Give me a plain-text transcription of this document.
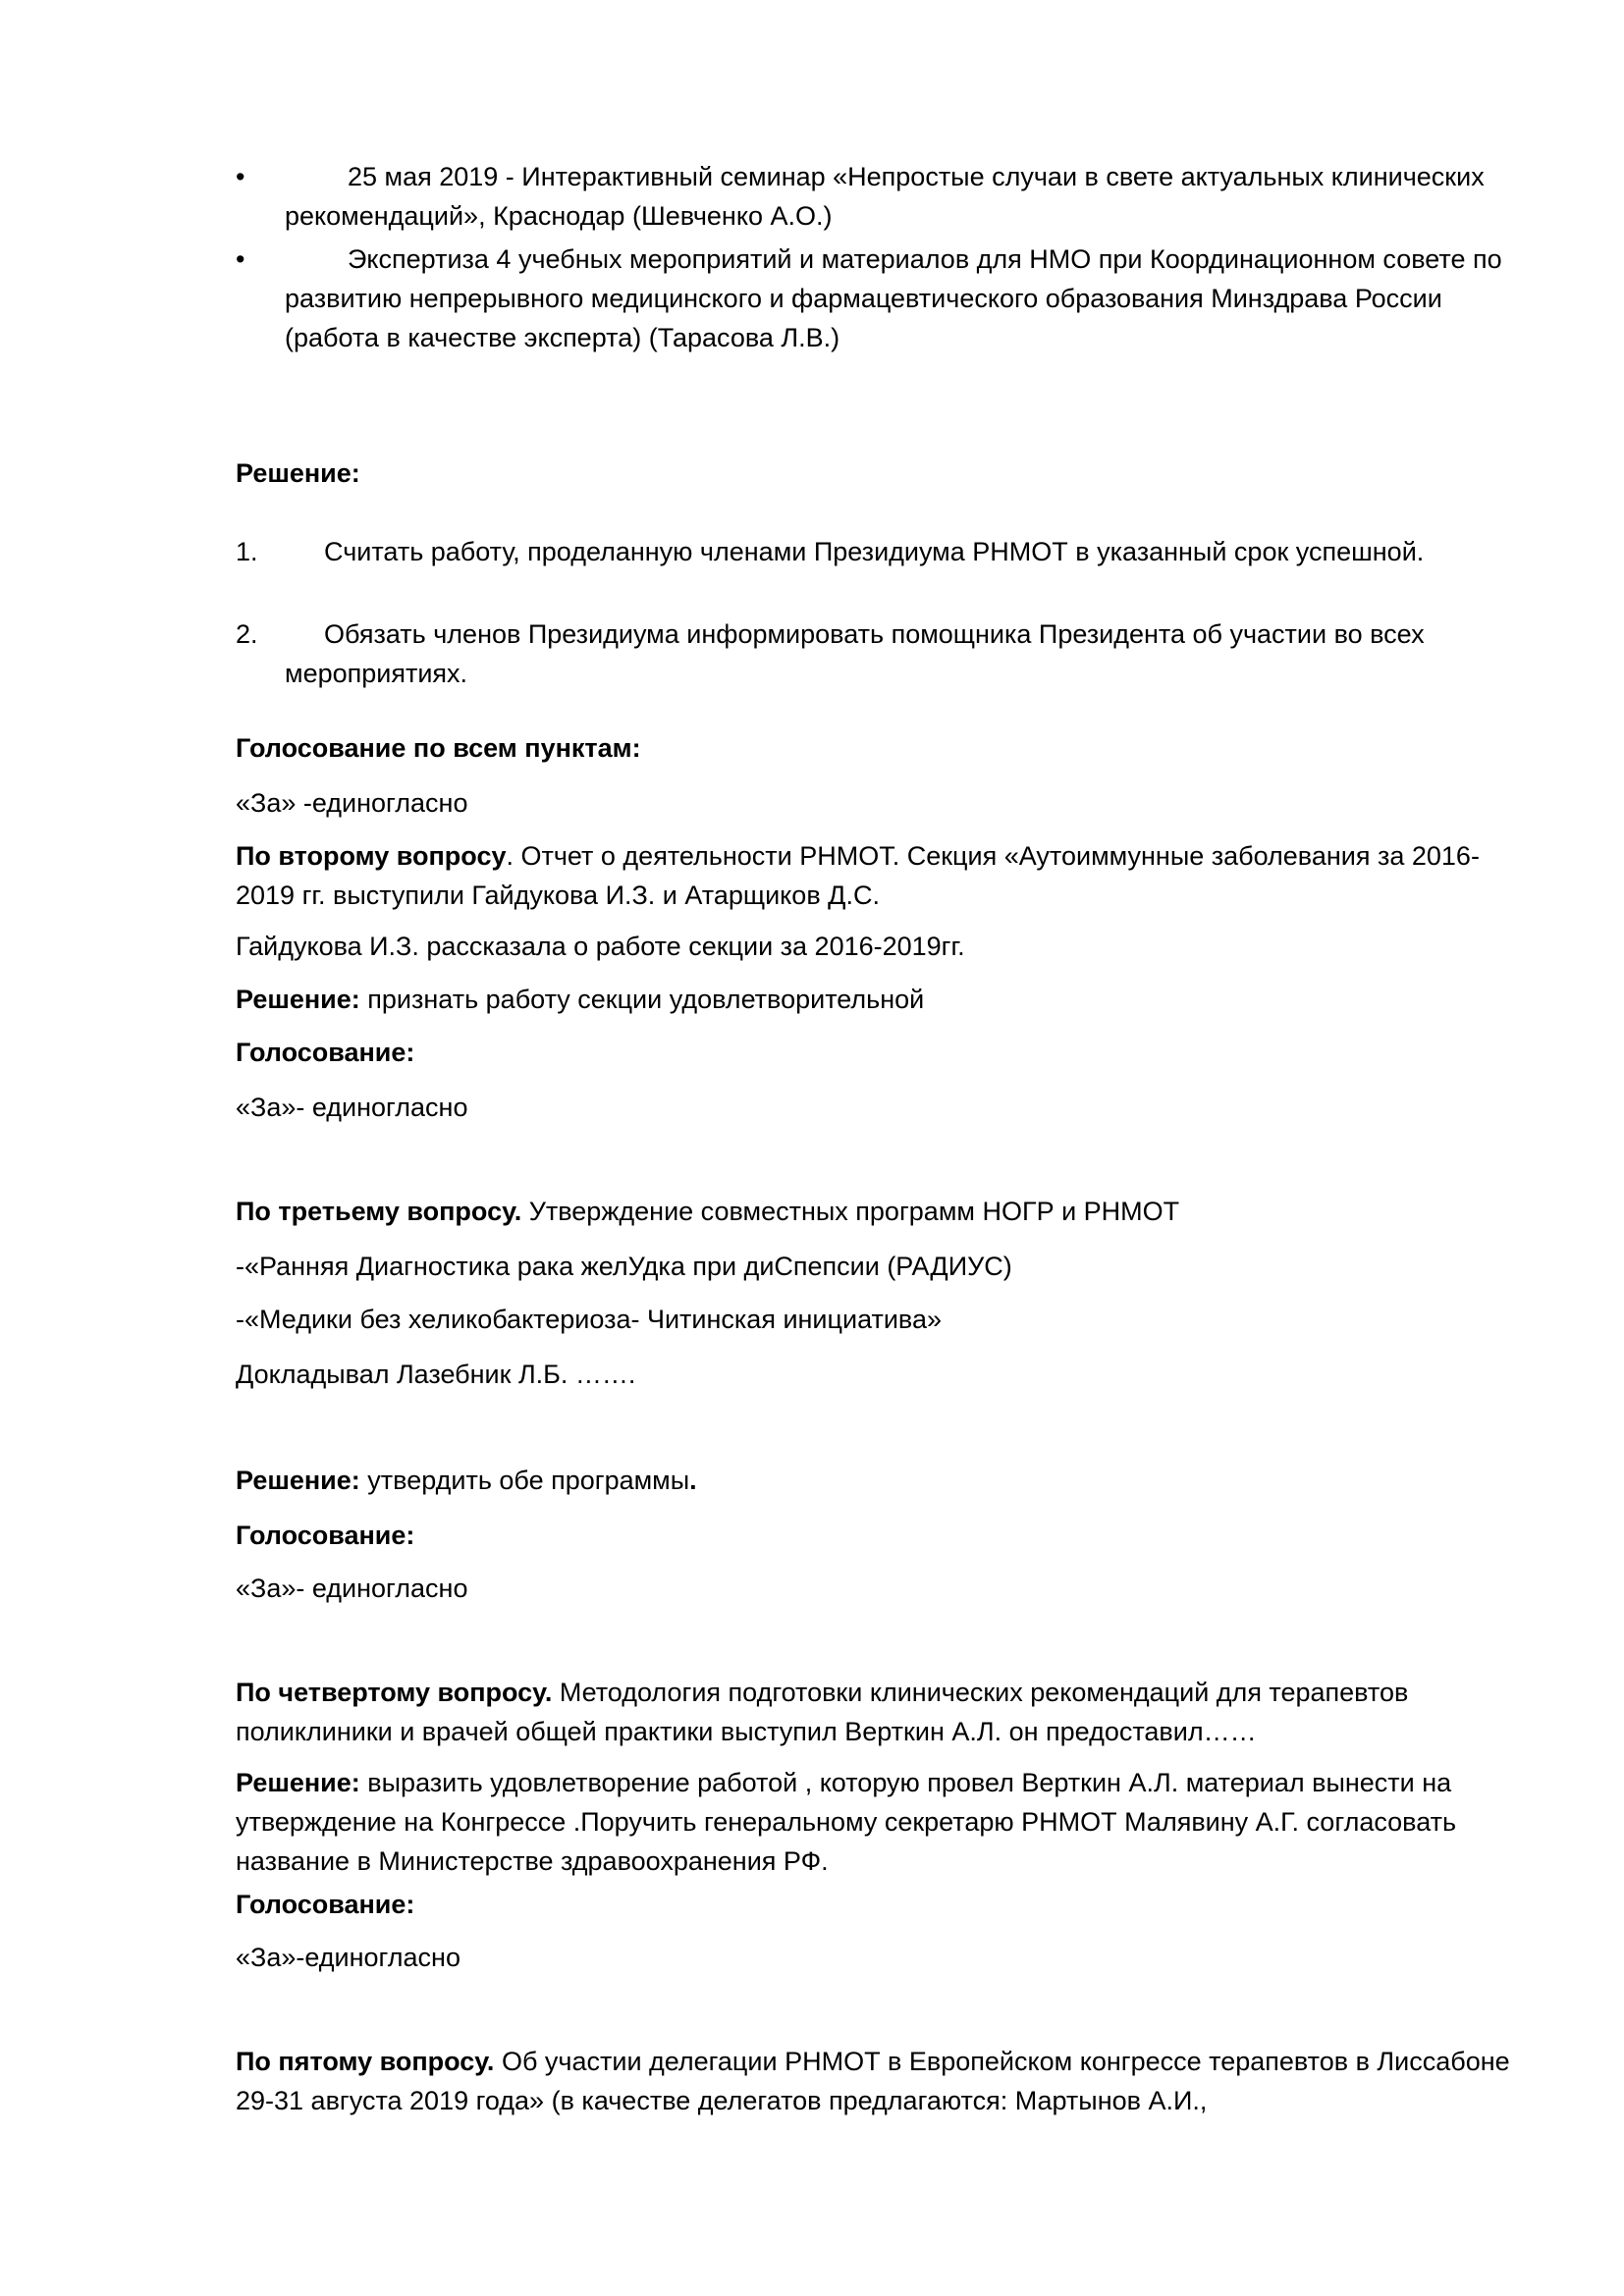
•	25 мая 2019 - Интерактивный семинар «Непростые случаи в свете актуальных клинических рекомендаций», Краснодар (Шевченко А.О.)

•	Экспертиза 4 учебных мероприятий и материалов для НМО при Координационном совете по развитию непрерывного медицинского и фармацевтического образования Минздрава России (работа в качестве эксперта) (Тарасова Л.В.)

Решение:
1.	Считать работу, проделанную членами Президиума РНМОТ в указанный срок успешной.

2.	Обязать членов Президиума информировать помощника Президента об участии во всех мероприятиях.

Голосование по всем пунктам:
«За» -единогласно

По второму вопросу. Отчет о деятельности РНМОТ. Секция «Аутоиммунные заболевания за 2016-2019 гг. выступили Гайдукова И.З. и Атарщиков Д.С.

Гайдукова И.З. рассказала о работе секции за 2016-2019гг.

Решение: признать работу секции удовлетворительной

Голосование:
«За»- единогласно

По третьему вопросу. Утверждение совместных программ НОГР и РНМОТ

-«Ранняя Диагностика рака желУдка при диСпепсии (РАДИУС)
-«Медики без хеликобактериоза- Читинская инициатива»
Докладывал Лазебник Л.Б. …….

Решение: утвердить обе программы.

Голосование:
«За»- единогласно

По четвертому вопросу. Методология подготовки клинических рекомендаций для терапевтов поликлиники и врачей общей практики выступил Верткин А.Л. он предоставил……

Решение: выразить удовлетворение работой , которую провел Верткин А.Л. материал вынести на утверждение на Конгрессе .Поручить генеральному секретарю РНМОТ Малявину А.Г. согласовать название в Министерстве здравоохранения РФ.

Голосование:
«За»-единогласно

По пятому вопросу. Об участии делегации РНМОТ в Европейском конгрессе терапевтов в Лиссабоне 29-31 августа 2019 года» (в качестве делегатов предлагаются: Мартынов А.И.,
